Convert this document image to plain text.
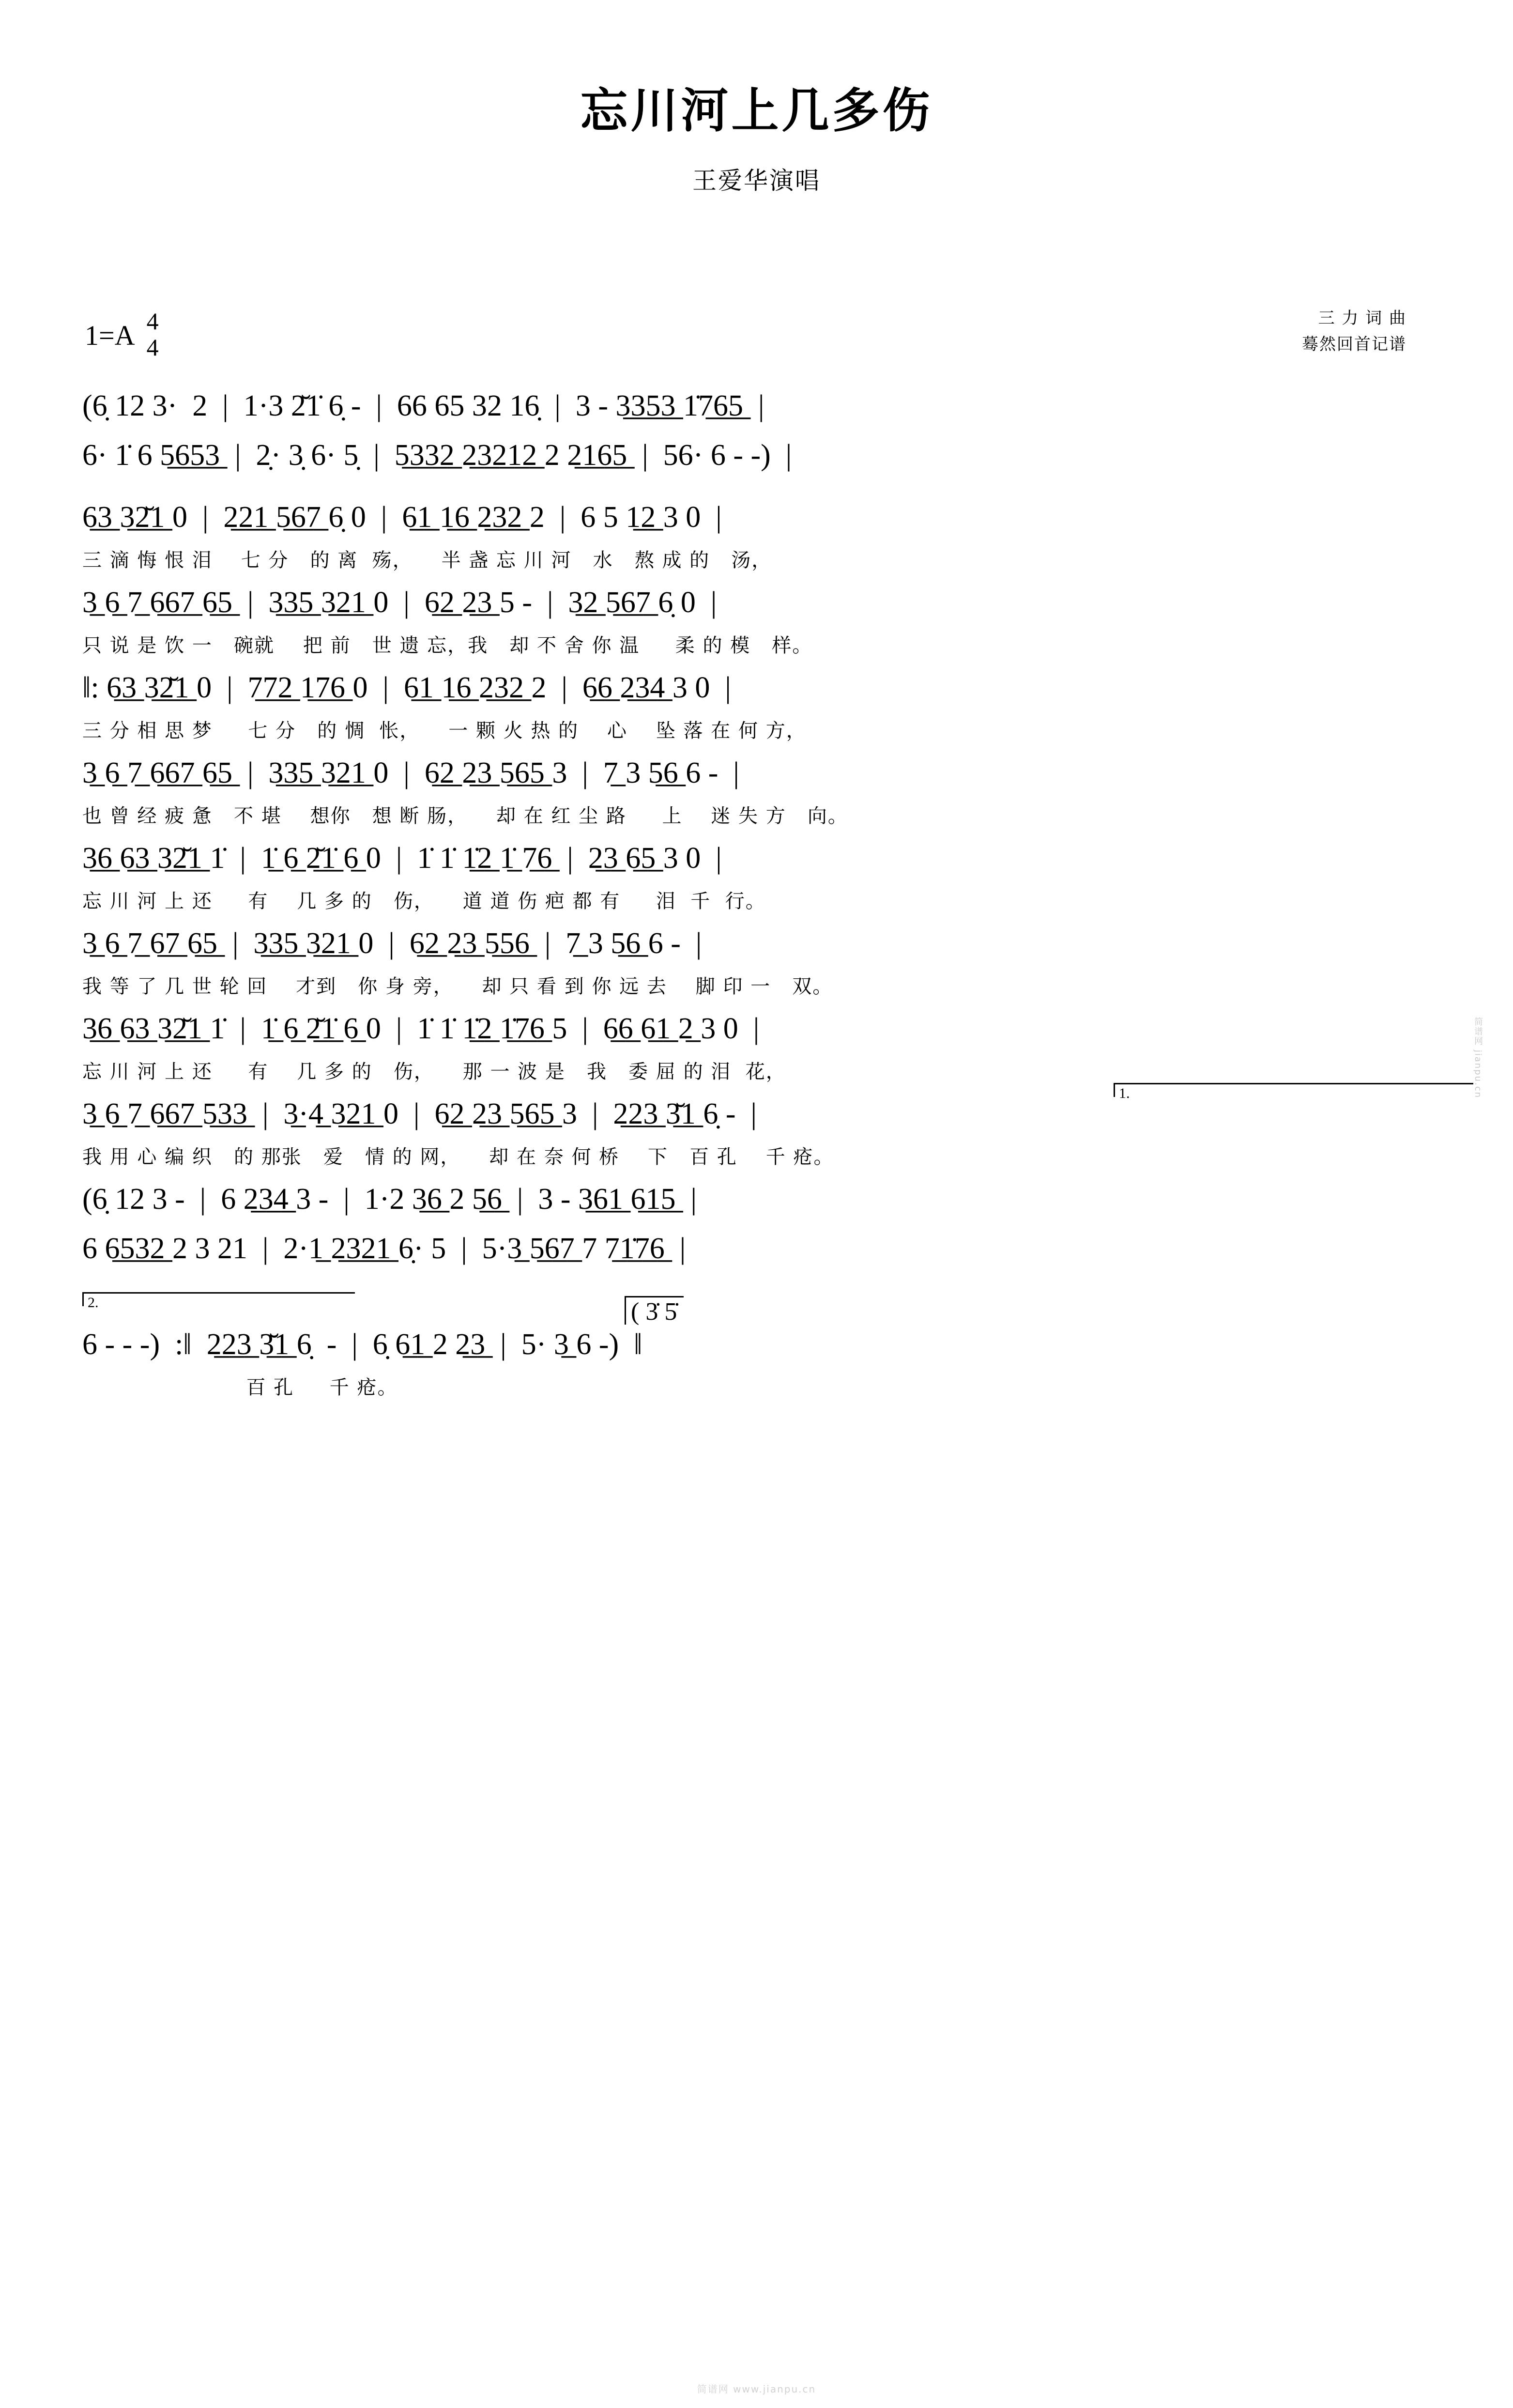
忘川河上几多伤
王爱华演唱
1=A 4
4
三 力 词 曲
蓦然回首记谱
(6̣ 12 3·  2  |  1·3 2̆1̇ 6̣ -  |  66 65 32 16̣  |  3 - 3̲3̲5̲3̲ 1̇7̲6̲5̲  |
6· 1̇ 6 5̲6̲5̲3̲  |  2̣· 3̣ 6· 5̣  |  5̲3̲3̲2̲ 2̲3̲2̲1̲2̲ 2 2̲1̲6̲5̲  |  56· 6 - -)  |
6̲3̲ 3̲2̲̆1̲ 0  |  2̲2̲1̲ 5̲6̲7̲ 6̣ 0  |  6̲1̲ 1̲6̲ 2̲3̲2̲ 2  |  6 5 1̲2̲ 3 0  |
三 滴 悔 恨 泪    七 分   的 离  殇，    半 盏 忘 川 河   水   熬 成 的   汤，
3̲ 6̲ 7̲ 6̲6̲7̲ 6̲5̲  |  3̲3̲5̲ 3̲2̲1̲ 0  |  6̲2̲ 2̲3̲ 5 -  |  3̲2̲ 5̲6̲7̲ 6̣ 0  |
只 说 是 饮 一   碗就    把 前   世 遗 忘，我   却 不 舍 你 温     柔 的 模   样。
‖: 6̲3̲ 3̲2̲̆1̲ 0  |  7̲7̲2̲ 1̲7̲6̲ 0  |  6̲1̲ 1̲6̲ 2̲3̲2̲ 2  |  6̲6̲ 2̲3̲4̲ 3 0  |
三 分 相 思 梦     七 分   的 惆  怅，    一 颗 火 热 的    心    坠 落 在 何 方，
3̲ 6̲ 7̲ 6̲6̲7̲ 6̲5̲  |  3̲3̲5̲ 3̲2̲1̲ 0  |  6̲2̲ 2̲3̲ 5̲6̲5̲ 3  |  7̲ 3 5̲6̲ 6 -  |
也 曾 经 疲 惫   不 堪    想你   想 断 肠，    却 在 红 尘 路     上    迷 失 方   向。
3̲6̲ 6̲3̲ 3̲2̲̆1̲ 1̇  |  1̲̇ 6̲ 2̲̆1̲̇ 6̲ 0  |  1̇ 1̇ 1̲̇2̲ 1̲̇ 7̲6̲  |  2̲3̲ 6̲5̲ 3 0  |
忘 川 河 上 还     有    几 多 的   伤，    道 道 伤 疤 都 有     泪  千  行。
3̲ 6̲ 7̲ 6̲7̲ 6̲5̲  |  3̲3̲5̲ 3̲2̲1̲ 0  |  6̲2̲ 2̲3̲ 5̲5̲6̲  |  7̲ 3 5̲6̲ 6 -  |
我 等 了 几 世 轮 回    才到   你 身 旁，    却 只 看 到 你 远 去    脚 印 一   双。
3̲6̲ 6̲3̲ 3̲2̲̆1̲ 1̇  |  1̲̇ 6̲ 2̲̆1̲̇ 6̲ 0  |  1̇ 1̇ 1̲̇2̲ 1̲̇7̲6̲ 5  |  6̲6̲ 6̲1̲ 2̲ 3 0  |
忘 川 河 上 还     有    几 多 的   伤，    那 一 波 是   我   委 屈 的 泪  花，
1.
3̲ 6̲ 7̲ 6̲6̲7̲ 5̲3̲3̲  |  3̲·4̲ 3̲2̲1̲ 0  |  6̲2̲ 2̲3̲ 5̲6̲5̲ 3  |  2̲2̲3̲ 3̲̆1̲ 6̣ -  |
我 用 心 编 织   的 那张   爱   情 的 网，    却 在 奈 何 桥    下   百 孔    千 疮。
(6̣ 12 3 -  |  6 2̲3̲4̲ 3 -  |  1·2 3̲6̲ 2 5̲6̲  |  3 - 3̲6̲1̲ 6̲1̲5̲  |
6 6̲5̲3̲2̲ 2 3 21  |  2·1̲ 2̲3̲2̲1̲ 6̣· 5  |  5·3̲ 5̲6̲7̲ 7 7̲1̲̇7̲6̲  |
2.	( 3̇ 5̇
6 - - -)  :‖  2̲2̲3̲ 3̲̆1̲ 6̣  -  |  6̣ 6̲1̲ 2 2̲3̲  |  5· 3̲ 6 -)  ‖
百 孔     千 疮。
简谱网 jianpu.cn
简谱网 www.jianpu.cn
